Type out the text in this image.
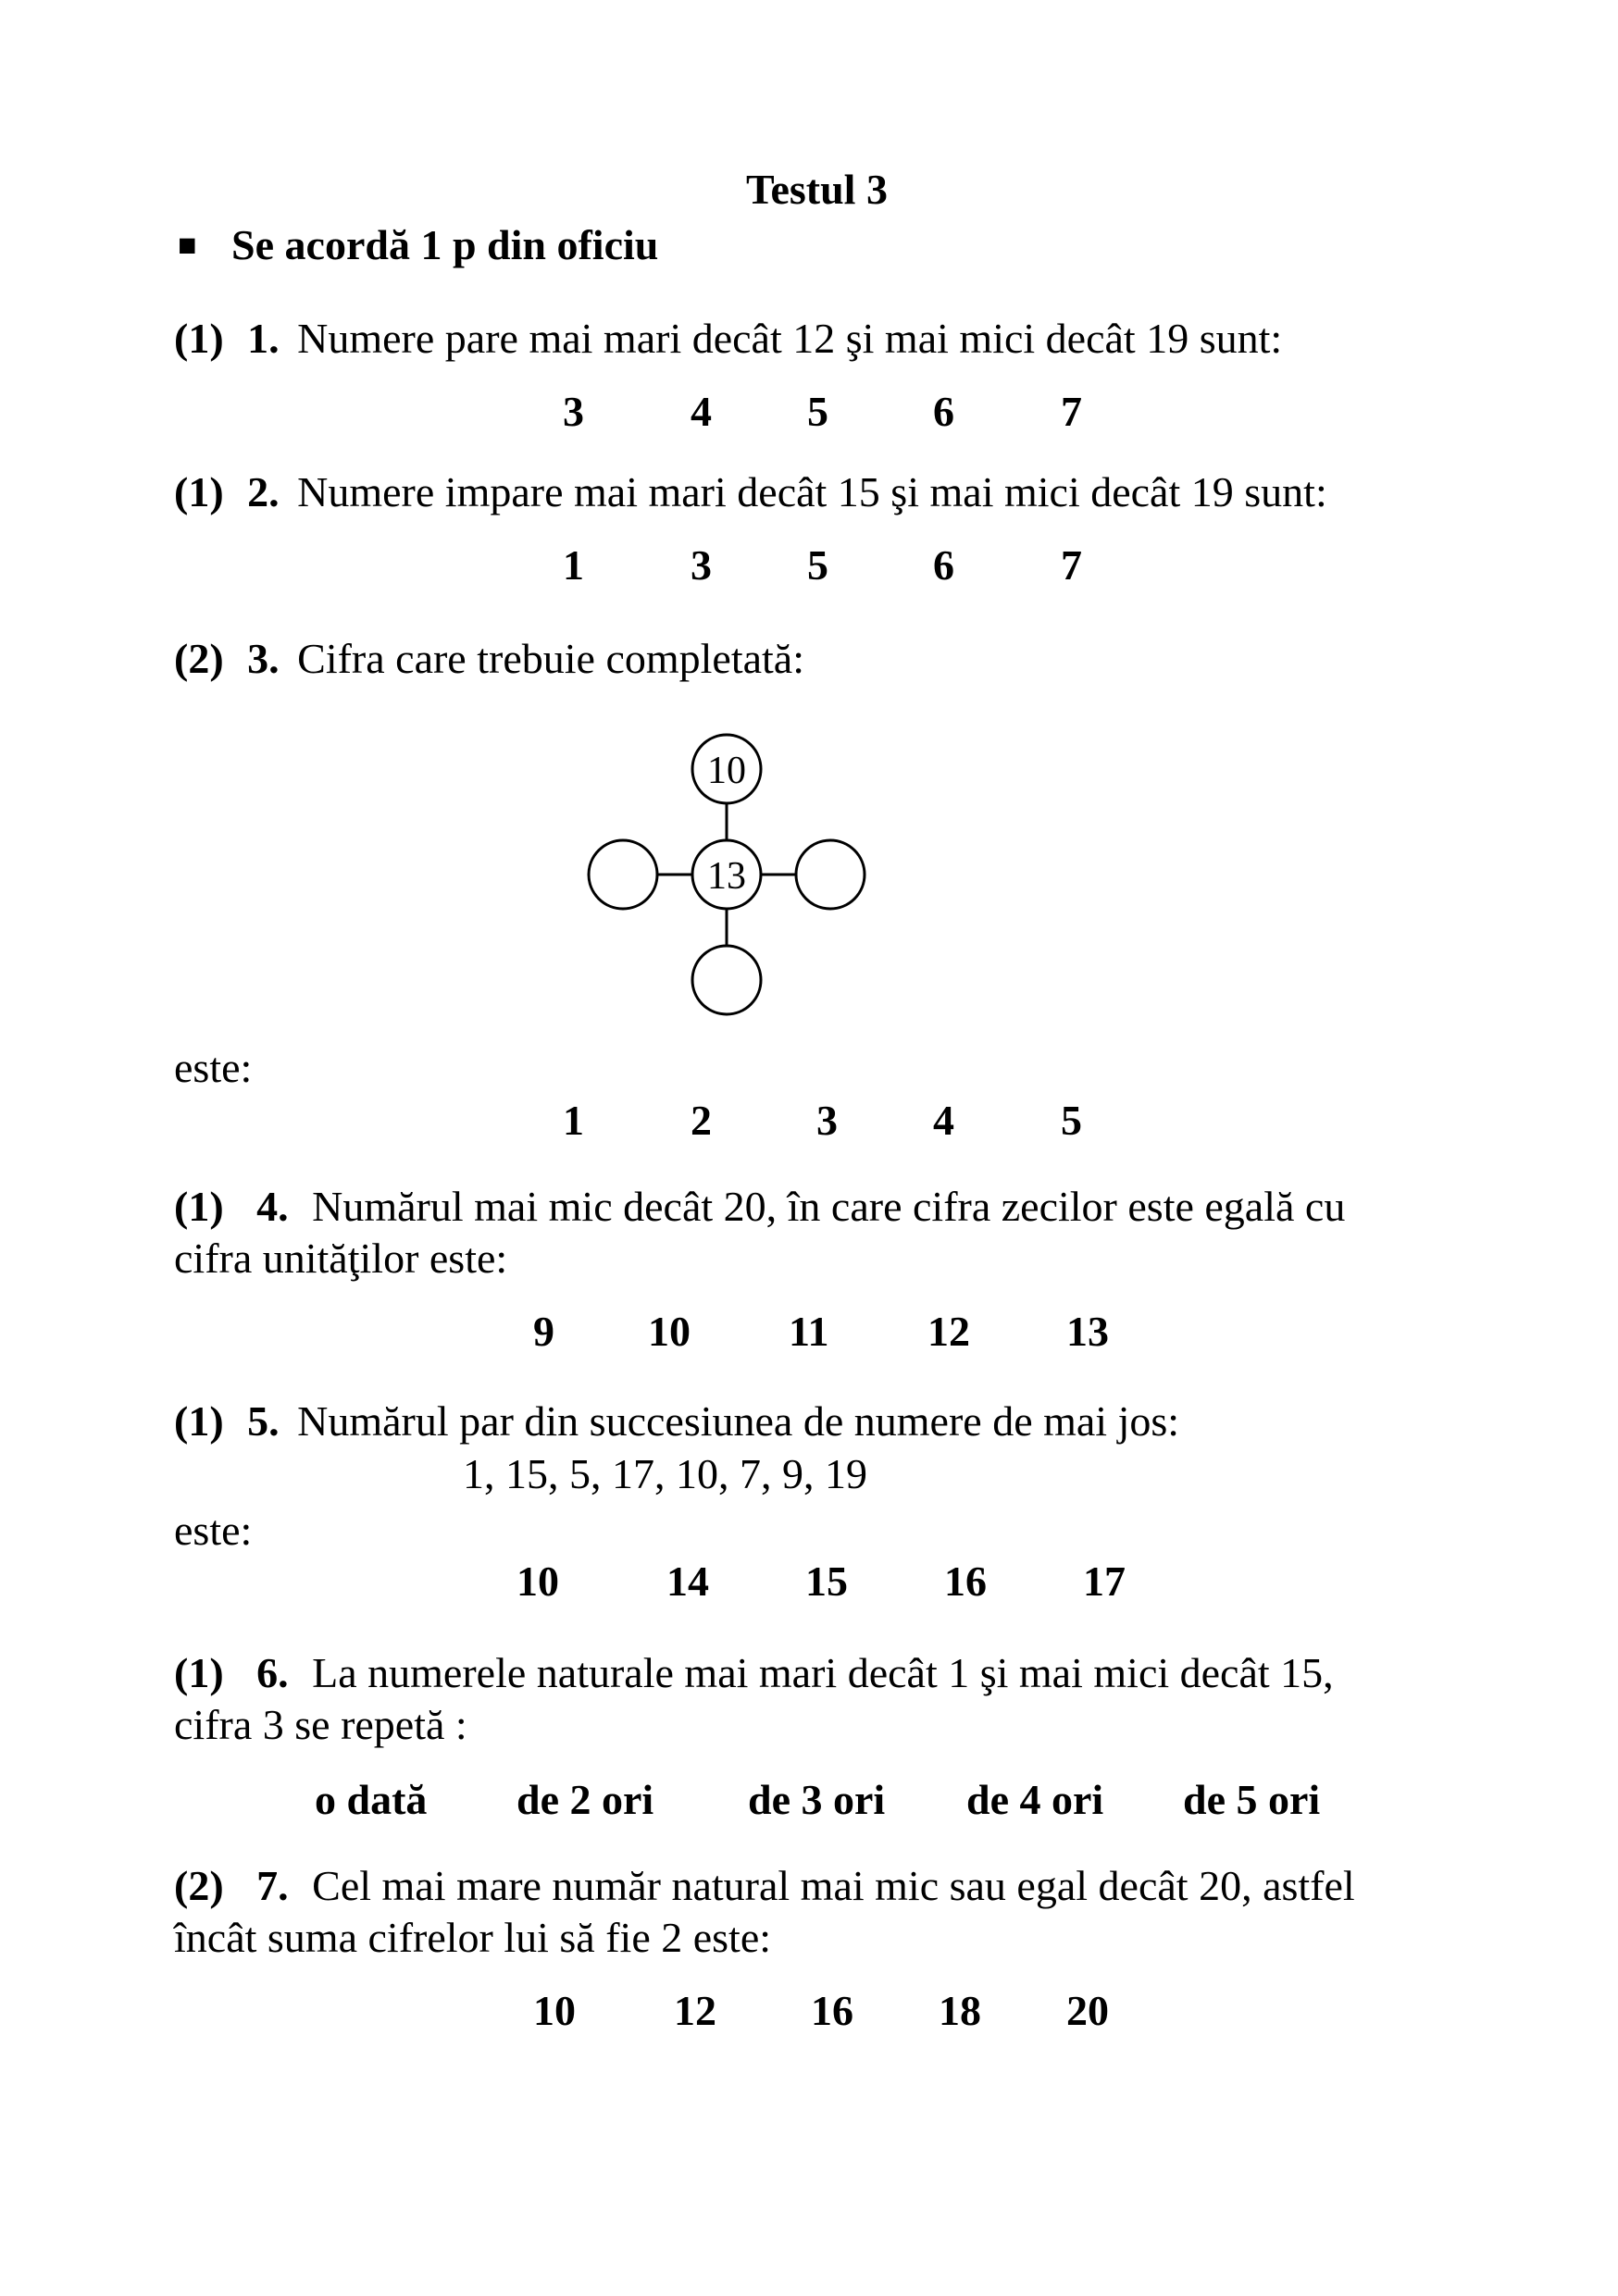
Testul 3
■ Se acordă 1 p din oficiu
(1) 1. Numere pare mai mari decât 12 şi mai mici decât 19 sunt:
3	4 5 6	7
(1) 2. Numere impare mai mari decât 15 şi mai mici decât 19 sunt:
1	3 5 6	7
(2) 3. Cifra care trebuie completată:
10
13
este:
1	2 3 4	5
(1) 4. Numărul mai mic decât 20, în care cifra zecilor este egală cu
cifra unităţilor este:
9 10 11 12 13
(1) 5. Numărul par din succesiunea de numere de mai jos:
1, 15, 5, 17, 10, 7, 9, 19
este:
10	14 15 16 17
(1) 6. La numerele naturale mai mari decât 1 şi mai mici decât 15,
cifra 3 se repetă :
o dată de 2 ori de 3 ori de 4 ori de 5 ori
(2) 7. Cel mai mare număr natural mai mic sau egal decât 20, astfel
încât suma cifrelor lui să fie 2 este:
10 12 16 18 20
